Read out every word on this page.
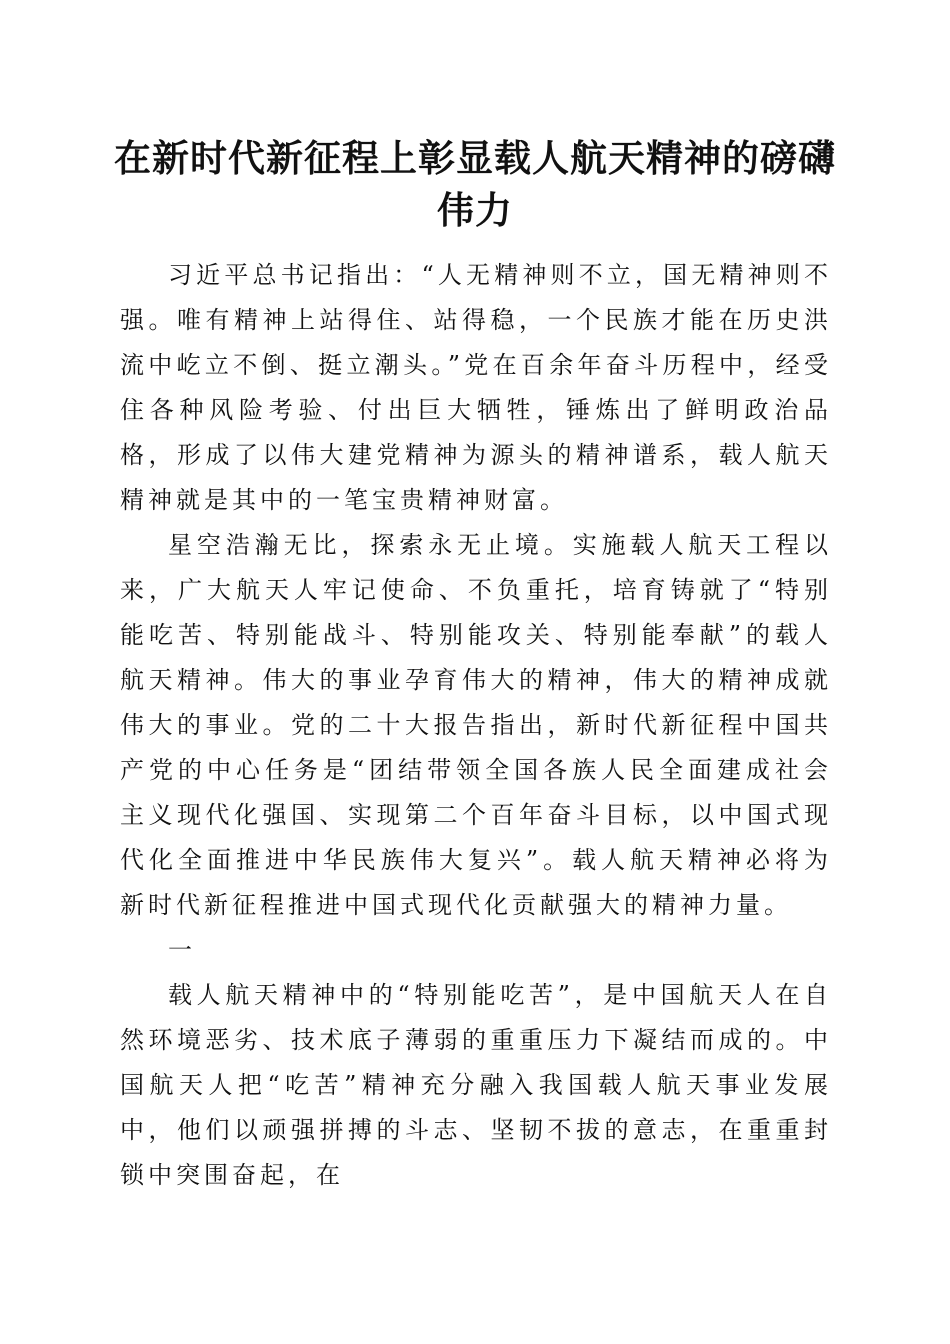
在新时代新征程上彰显载人航天精神的磅礴伟力

习近平总书记指出：“人无精神则不立，国无精神则不强。唯有精神上站得住、站得稳，一个民族才能在历史洪流中屹立不倒、挺立潮头。”党在百余年奋斗历程中，经受住各种风险考验、付出巨大牺牲，锤炼出了鲜明政治品格，形成了以伟大建党精神为源头的精神谱系，载人航天精神就是其中的一笔宝贵精神财富。

星空浩瀚无比，探索永无止境。实施载人航天工程以来，广大航天人牢记使命、不负重托，培育铸就了“特别能吃苦、特别能战斗、特别能攻关、特别能奉献”的载人航天精神。伟大的事业孕育伟大的精神，伟大的精神成就伟大的事业。党的二十大报告指出，新时代新征程中国共产党的中心任务是“团结带领全国各族人民全面建成社会主义现代化强国、实现第二个百年奋斗目标，以中国式现代化全面推进中华民族伟大复兴”。载人航天精神必将为新时代新征程推进中国式现代化贡献强大的精神力量。

一

载人航天精神中的“特别能吃苦”，是中国航天人在自然环境恶劣、技术底子薄弱的重重压力下凝结而成的。中国航天人把“吃苦”精神充分融入我国载人航天事业发展中，他们以顽强拼搏的斗志、坚韧不拔的意志，在重重封锁中突围奋起，在
